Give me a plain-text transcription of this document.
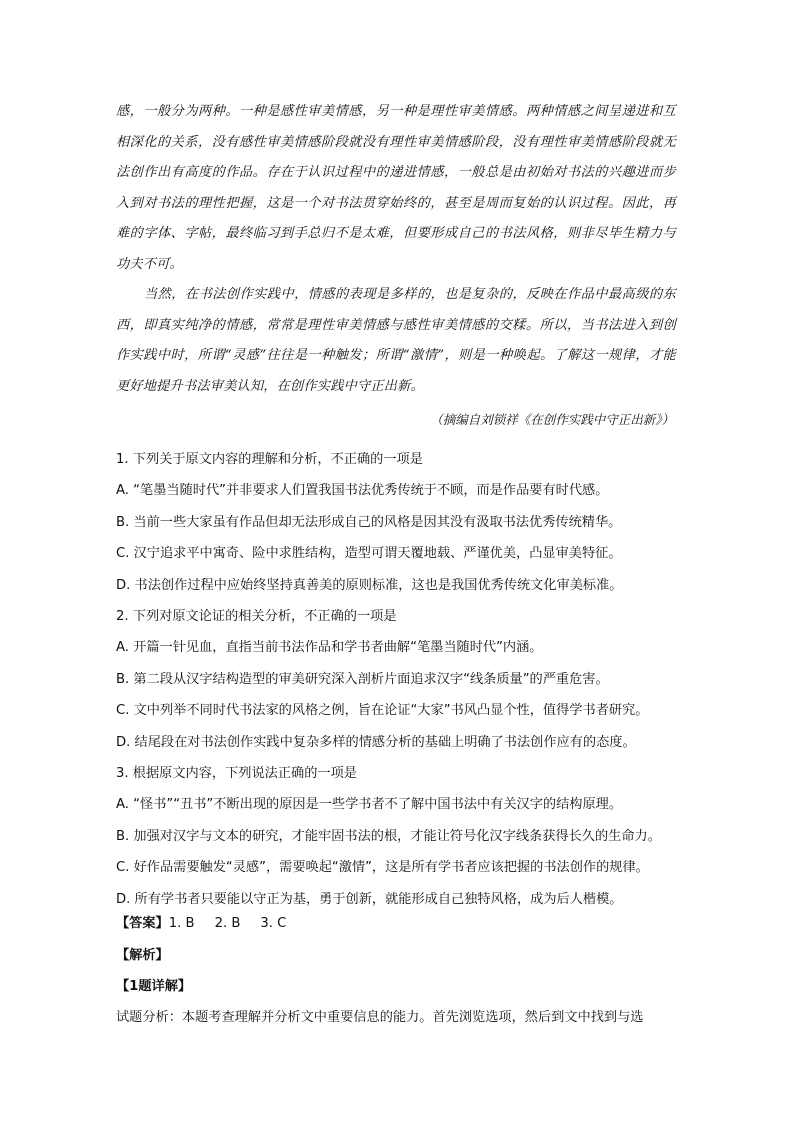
感，一般分为两种。一种是感性审美情感，另一种是理性审美情感。两种情感之间呈递进和互相深化的关系，没有感性审美情感阶段就没有理性审美情感阶段，没有理性审美情感阶段就无法创作出有高度的作品。存在于认识过程中的递进情感，一般总是由初始对书法的兴趣进而步入到对书法的理性把握，这是一个对书法贯穿始终的，甚至是周而复始的认识过程。因此，再难的字体、字帖，最终临习到手总归不是太难，但要形成自己的书法风格，则非尽毕生精力与功夫不可。

当然，在书法创作实践中，情感的表现是多样的，也是复杂的，反映在作品中最高级的东西，即真实纯净的情感，常常是理性审美情感与感性审美情感的交糅。所以，当书法进入到创作实践中时，所谓“灵感”往往是一种触发；所谓“激情”，则是一种唤起。了解这一规律，才能更好地提升书法审美认知，在创作实践中守正出新。

（摘编自刘锁祥《在创作实践中守正出新》）
1. 下列关于原文内容的理解和分析，不正确的一项是
A. “笔墨当随时代”并非要求人们置我国书法优秀传统于不顾，而是作品要有时代感。
B. 当前一些大家虽有作品但却无法形成自己的风格是因其没有汲取书法优秀传统精华。
C. 汉宁追求平中寓奇、险中求胜结构，造型可谓天覆地载、严谨优美，凸显审美特征。
D. 书法创作过程中应始终坚持真善美的原则标准，这也是我国优秀传统文化审美标准。
2. 下列对原文论证的相关分析，不正确的一项是
A. 开篇一针见血，直指当前书法作品和学书者曲解“笔墨当随时代”内涵。
B. 第二段从汉字结构造型的审美研究深入剖析片面追求汉字“线条质量”的严重危害。
C. 文中列举不同时代书法家的风格之例，旨在论证“大家”书风凸显个性，值得学书者研究。
D. 结尾段在对书法创作实践中复杂多样的情感分析的基础上明确了书法创作应有的态度。
3. 根据原文内容，下列说法正确的一项是
A. “怪书”“丑书”不断出现的原因是一些学书者不了解中国书法中有关汉字的结构原理。
B. 加强对汉字与文本的研究，才能牢固书法的根，才能让符号化汉字线条获得长久的生命力。
C. 好作品需要触发“灵感”，需要唤起“激情”，这是所有学书者应该把握的书法创作的规律。
D. 所有学书者只要能以守正为基，勇于创新，就能形成自己独特风格，成为后人楷模。
【答案】1. B 2. B 3. C
【解析】
【1题详解】
试题分析：本题考查理解并分析文中重要信息的能力。首先浏览选项，然后到文中找到与选
